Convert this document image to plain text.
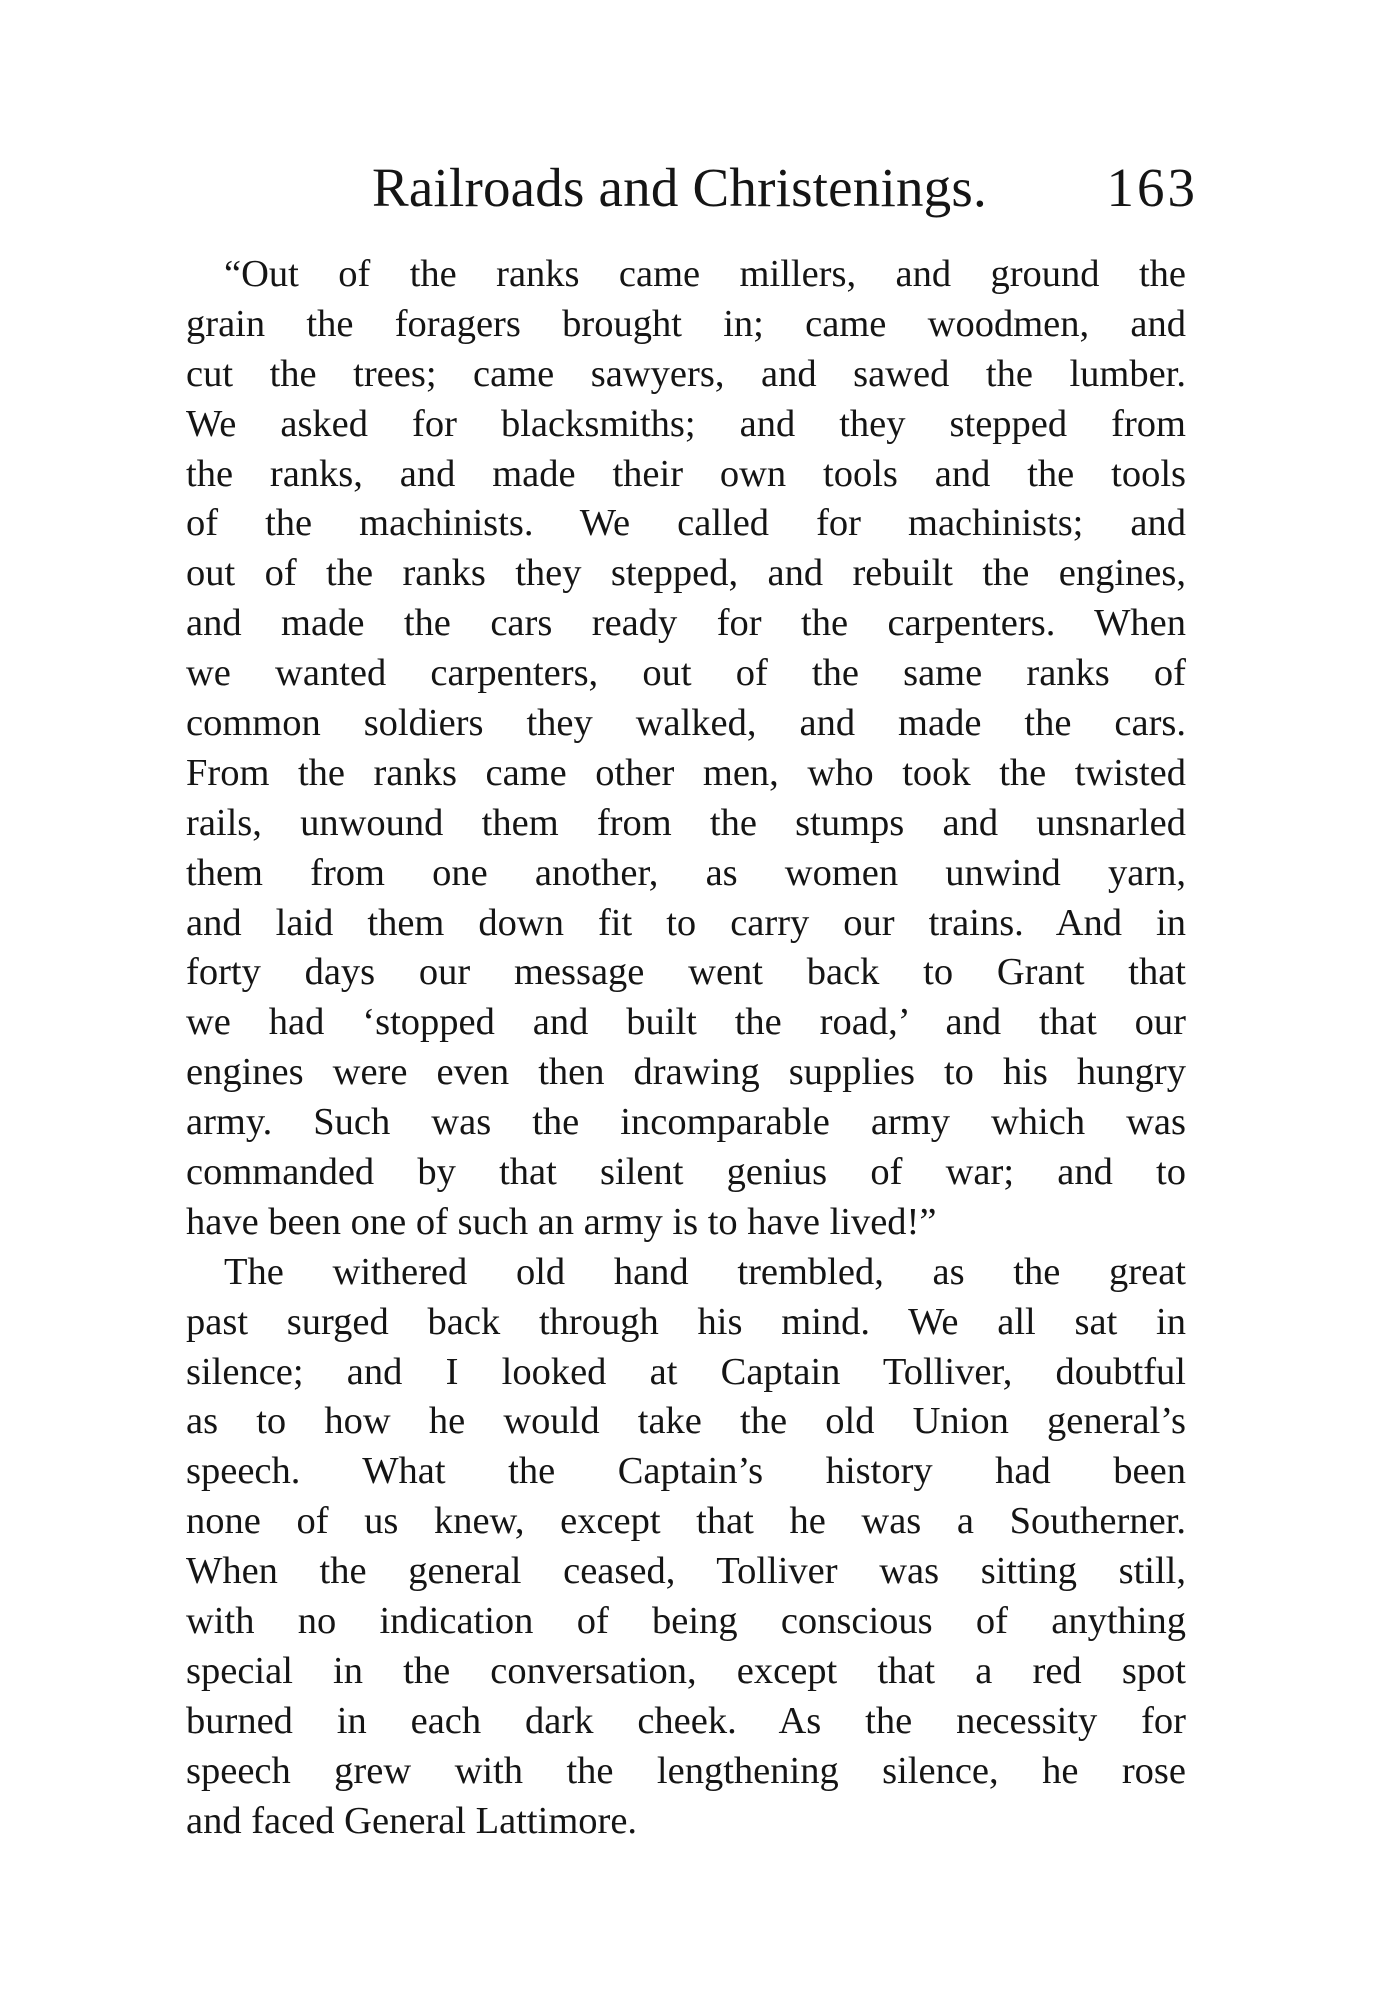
Railroads and Christenings. 163
“Out of the ranks came millers, and ground the
grain the foragers brought in; came woodmen, and
cut the trees; came sawyers, and sawed the lumber.
We asked for blacksmiths; and they stepped from
the ranks, and made their own tools and the tools
of the machinists. We called for machinists; and
out of the ranks they stepped, and rebuilt the engines,
and made the cars ready for the carpenters. When
we wanted carpenters, out of the same ranks of
common soldiers they walked, and made the cars.
From the ranks came other men, who took the twisted
rails, unwound them from the stumps and unsnarled
them from one another, as women unwind yarn,
and laid them down fit to carry our trains. And in
forty days our message went back to Grant that
we had ‘stopped and built the road,’ and that our
engines were even then drawing supplies to his hungry
army. Such was the incomparable army which was
commanded by that silent genius of war; and to
have been one of such an army is to have lived!”
The withered old hand trembled, as the great
past surged back through his mind. We all sat in
silence; and I looked at Captain Tolliver, doubtful
as to how he would take the old Union general’s
speech. What the Captain’s history had been
none of us knew, except that he was a Southerner.
When the general ceased, Tolliver was sitting still,
with no indication of being conscious of anything
special in the conversation, except that a red spot
burned in each dark cheek. As the necessity for
speech grew with the lengthening silence, he rose
and faced General Lattimore.
